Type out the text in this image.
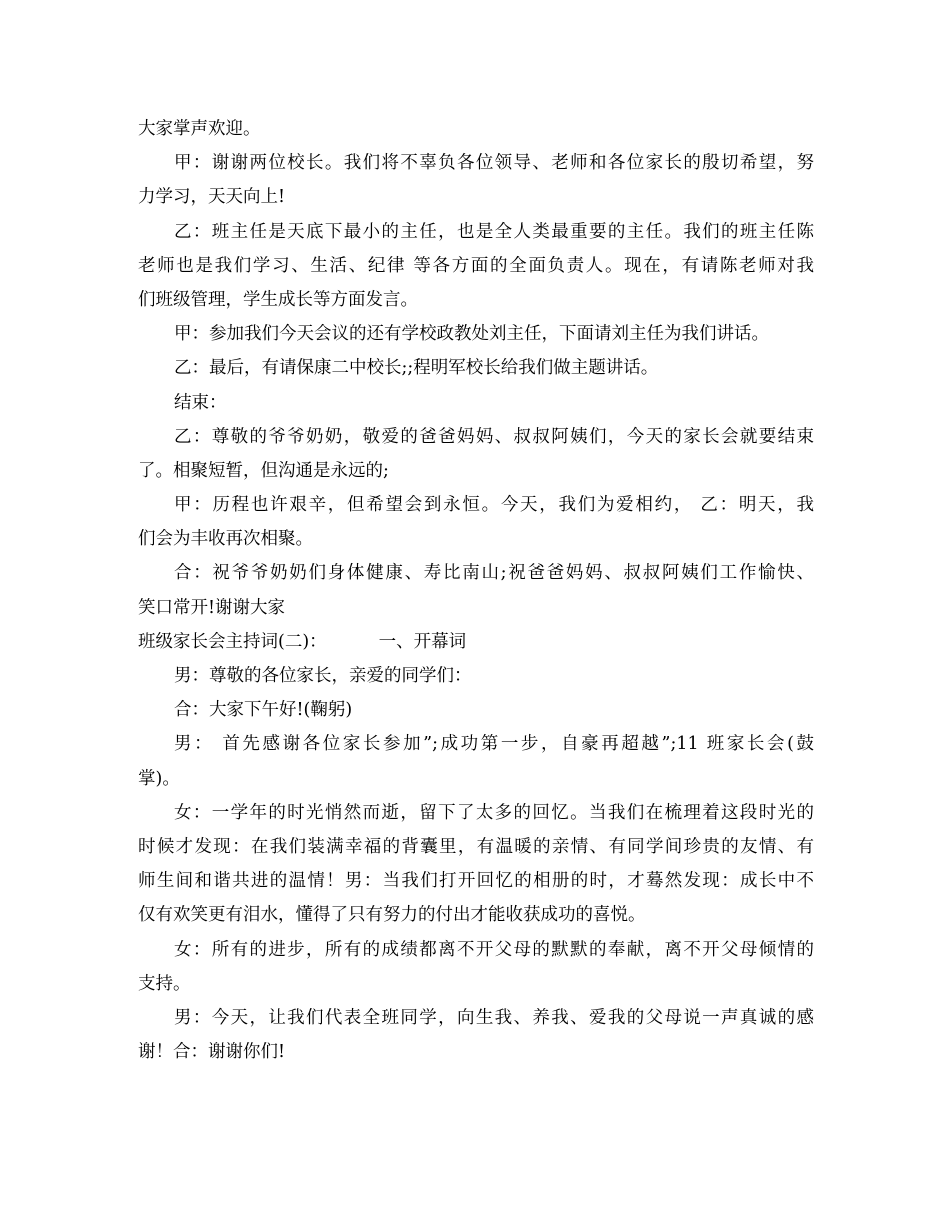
大家掌声欢迎。
甲：谢谢两位校长。我们将不辜负各位领导、老师和各位家长的殷切希望，努
力学习，天天向上!
乙：班主任是天底下最小的主任，也是全人类最重要的主任。我们的班主任陈
老师也是我们学习、生活、纪律 等各方面的全面负责人。现在，有请陈老师对我
们班级管理，学生成长等方面发言。
甲：参加我们今天会议的还有学校政教处刘主任，下面请刘主任为我们讲话。
乙：最后，有请保康二中校长;;程明军校长给我们做主题讲话。
结束：
乙：尊敬的爷爷奶奶，敬爱的爸爸妈妈、叔叔阿姨们，今天的家长会就要结束
了。相聚短暂，但沟通是永远的;
甲：历程也许艰辛，但希望会到永恒。今天，我们为爱相约， 乙：明天，我
们会为丰收再次相聚。
合：祝爷爷奶奶们身体健康、寿比南山;祝爸爸妈妈、叔叔阿姨们工作愉快、
笑口常开!谢谢大家
班级家长会主持词(二)：	一、开幕词
男：尊敬的各位家长，亲爱的同学们：
合：大家下午好!(鞠躬)
男： 首先感谢各位家长参加”;成功第一步，自豪再超越”;11 班家长会(鼓
掌)。
女：一学年的时光悄然而逝，留下了太多的回忆。当我们在梳理着这段时光的
时候才发现：在我们装满幸福的背囊里，有温暖的亲情、有同学间珍贵的友情、有
师生间和谐共进的温情！男：当我们打开回忆的相册的时，才蓦然发现：成长中不
仅有欢笑更有泪水，懂得了只有努力的付出才能收获成功的喜悦。
女：所有的进步，所有的成绩都离不开父母的默默的奉献，离不开父母倾情的
支持。
男：今天，让我们代表全班同学，向生我、养我、爱我的父母说一声真诚的感
谢！合：谢谢你们!
